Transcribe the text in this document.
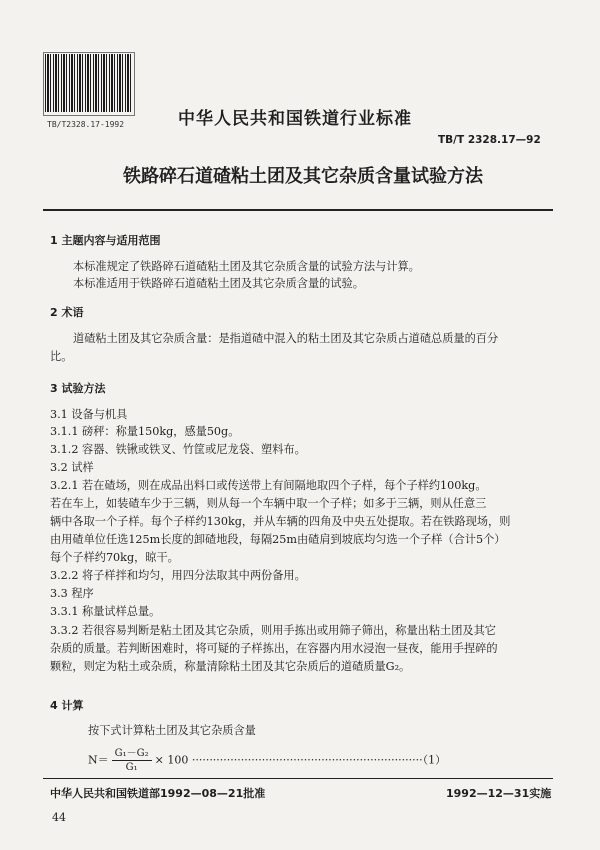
TB/T2328.17-1992	中华人民共和国铁道行业标准
TB/T 2328.17—92
铁路碎石道碴粘土团及其它杂质含量试验方法
1 主题内容与适用范围
本标准规定了铁路碎石道碴粘土团及其它杂质含量的试验方法与计算。
本标准适用于铁路碎石道碴粘土团及其它杂质含量的试验。
2 术语
道碴粘土团及其它杂质含量：是指道碴中混入的粘土团及其它杂质占道碴总质量的百分
比。
3 试验方法
3.1 设备与机具
3.1.1 磅秤：称量150kg，感量50g。
3.1.2 容器、铁锹或铁叉、竹筐或尼龙袋、塑料布。
3.2 试样
3.2.1 若在碴场，则在成品出料口或传送带上有间隔地取四个子样，每个子样约100kg。
若在车上，如装碴车少于三辆，则从每一个车辆中取一个子样；如多于三辆，则从任意三
辆中各取一个子样。每个子样约130kg，并从车辆的四角及中央五处提取。若在铁路现场，则
由用碴单位任选125m长度的卸碴地段，每隔25m由碴肩到坡底均匀选一个子样（合计5个）
每个子样约70kg，晾干。
3.2.2 将子样拌和均匀，用四分法取其中两份备用。
3.3 程序
3.3.1 称量试样总量。
3.3.2 若很容易判断是粘土团及其它杂质，则用手拣出或用筛子筛出，称量出粘土团及其它
杂质的质量。若判断困难时，将可疑的子样拣出，在容器内用水浸泡一昼夜，能用手捏碎的
颗粒，则定为粘土或杂质，称量清除粘土团及其它杂质后的道碴质量G₂。
4 计算
按下式计算粘土团及其它杂质含量
$N= \frac{\text{G₁－G₂}}{\text{G₁}} \times 100 \cdot\cdot\cdot\cdot\cdot\cdot\cdot\cdot\cdot\cdot\cdot\cdot\cdot\cdot\cdot\cdot\cdot\cdot\cdot\cdot\cdot\cdot\cdot\cdot\cdot\cdot\cdot\cdot\cdot\cdot\cdot\cdot\cdot\cdot\cdot\cdot\cdot\cdot\cdot\cdot\cdot\cdot\cdot\cdot\cdot\cdot\cdot\cdot\cdot\cdot\cdot\cdot\cdot\cdot\cdot\cdot\cdot\cdot\cdot\cdot\cdot\cdot\cdot\cdot\cdot\cdot(1)$
中华人民共和国铁道部1992—08—21批准	1992—12—31实施
44
